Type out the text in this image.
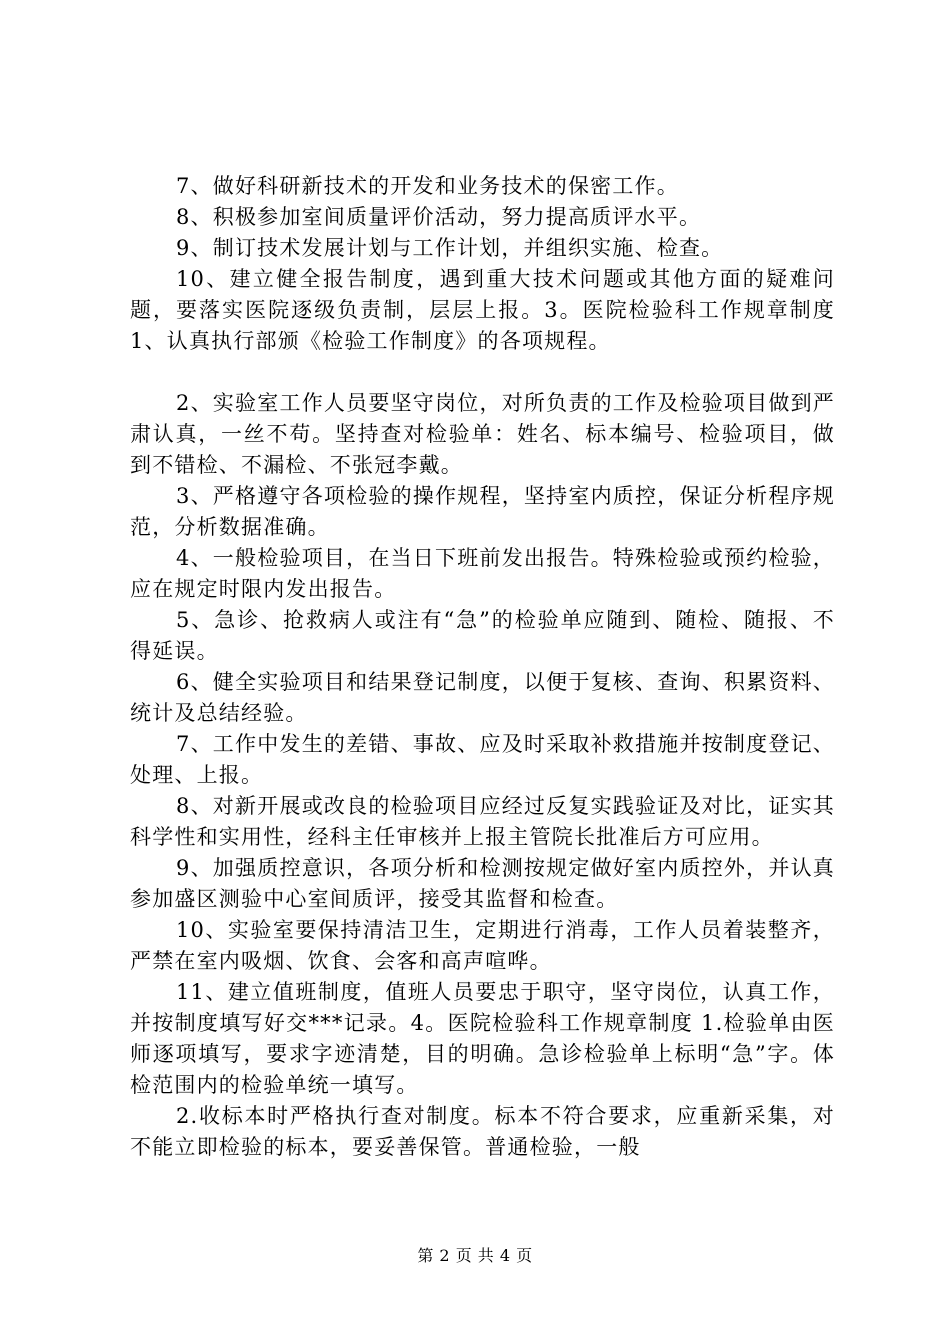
7、做好科研新技术的开发和业务技术的保密工作。

8、积极参加室间质量评价活动，努力提高质评水平。

9、制订技术发展计划与工作计划，并组织实施、检查。

10、建立健全报告制度，遇到重大技术问题或其他方面的疑难问题，要落实医院逐级负责制，层层上报。3。医院检验科工作规章制度 1、认真执行部颁《检验工作制度》的各项规程。

2、实验室工作人员要坚守岗位，对所负责的工作及检验项目做到严肃认真，一丝不苟。坚持查对检验单：姓名、标本编号、检验项目，做到不错检、不漏检、不张冠李戴。

3、严格遵守各项检验的操作规程，坚持室内质控，保证分析程序规范，分析数据准确。

4、一般检验项目，在当日下班前发出报告。特殊检验或预约检验，应在规定时限内发出报告。

5、急诊、抢救病人或注有“急”的检验单应随到、随检、随报、不得延误。

6、健全实验项目和结果登记制度，以便于复核、查询、积累资料、统计及总结经验。

7、工作中发生的差错、事故、应及时采取补救措施并按制度登记、处理、上报。

8、对新开展或改良的检验项目应经过反复实践验证及对比，证实其科学性和实用性，经科主任审核并上报主管院长批准后方可应用。

9、加强质控意识，各项分析和检测按规定做好室内质控外，并认真参加盛区测验中心室间质评，接受其监督和检查。

10、实验室要保持清洁卫生，定期进行消毒，工作人员着装整齐，严禁在室内吸烟、饮食、会客和高声喧哗。

11、建立值班制度，值班人员要忠于职守，坚守岗位，认真工作，并按制度填写好交***记录。4。医院检验科工作规章制度 1.检验单由医师逐项填写，要求字迹清楚，目的明确。急诊检验单上标明“急”字。体检范围内的检验单统一填写。

2.收标本时严格执行查对制度。标本不符合要求，应重新采集，对不能立即检验的标本，要妥善保管。普通检验，一般

第 2 页 共 4 页
